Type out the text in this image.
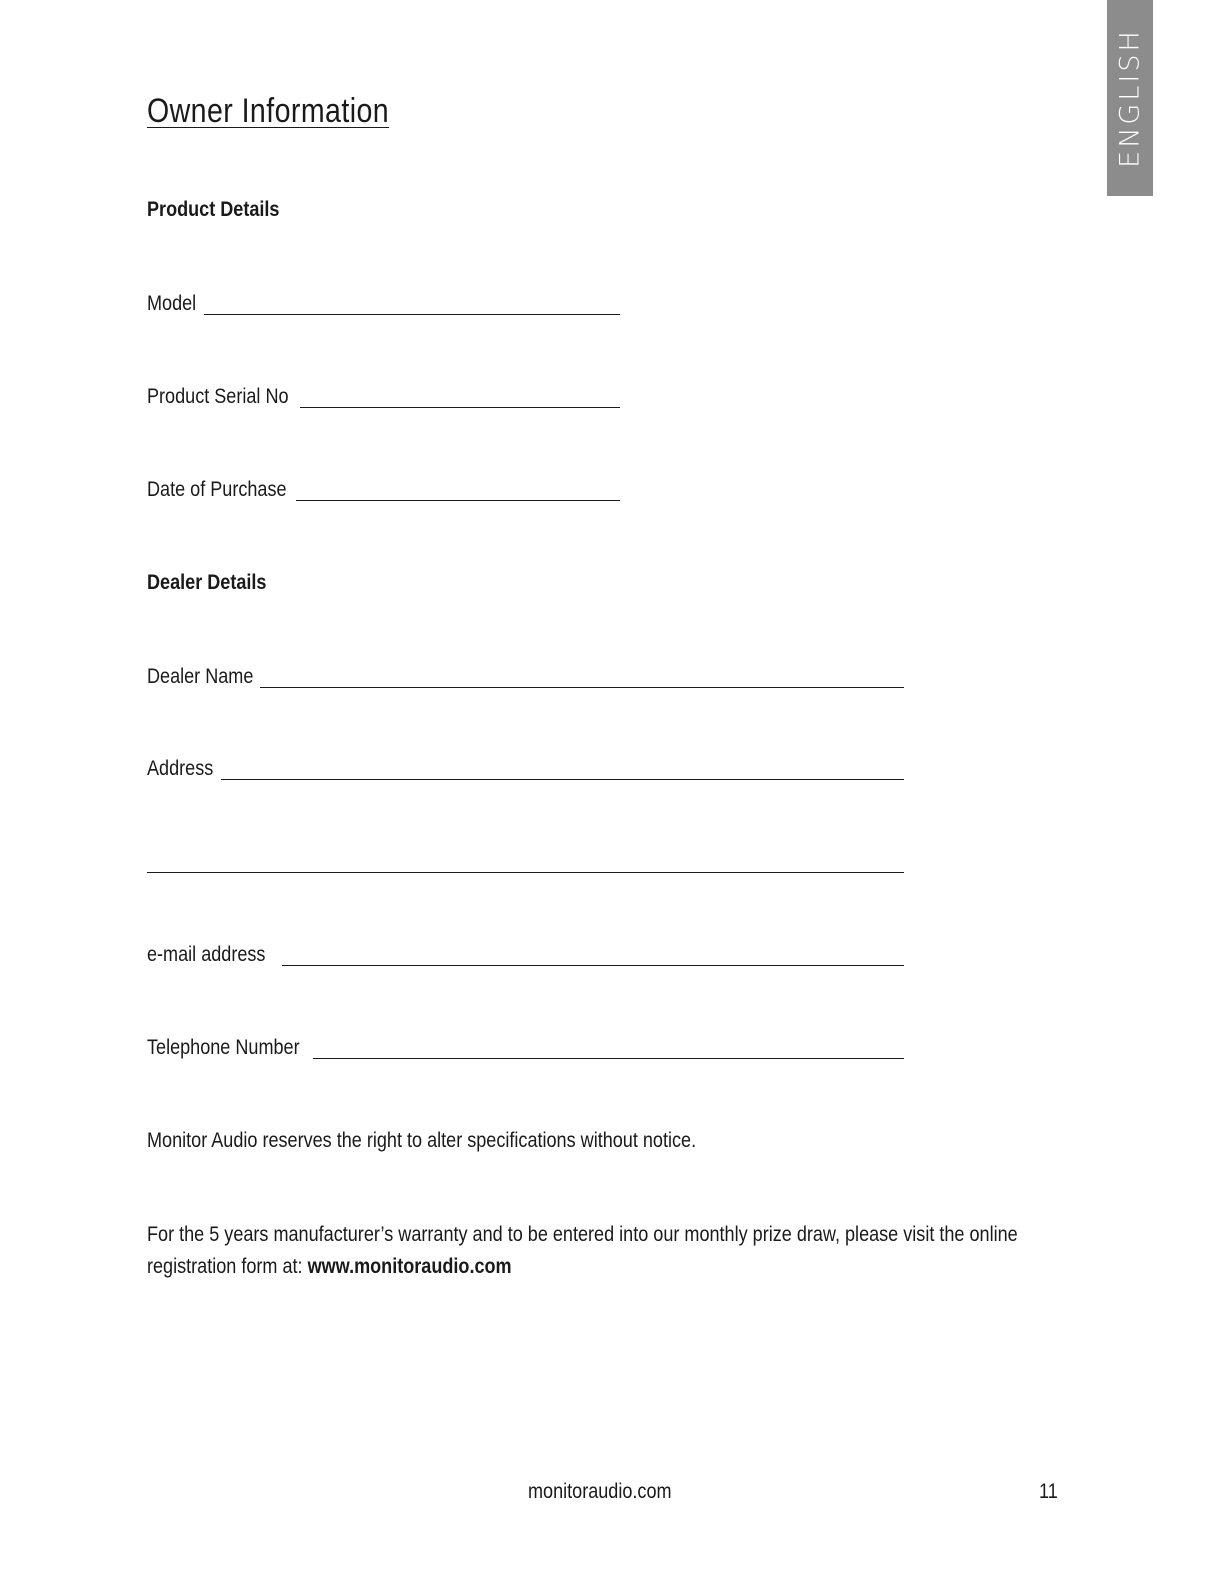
ENGLISH
Owner Information
Product Details
Model
Product Serial No
Date of Purchase
Dealer Details
Dealer Name
Address
e-mail address
Telephone Number

Monitor Audio reserves the right to alter specifications without notice.

For the 5 years manufacturer’s warranty and to be entered into our monthly prize draw, please visit the online
registration form at: www.monitoraudio.com

monitoraudio.com	11
